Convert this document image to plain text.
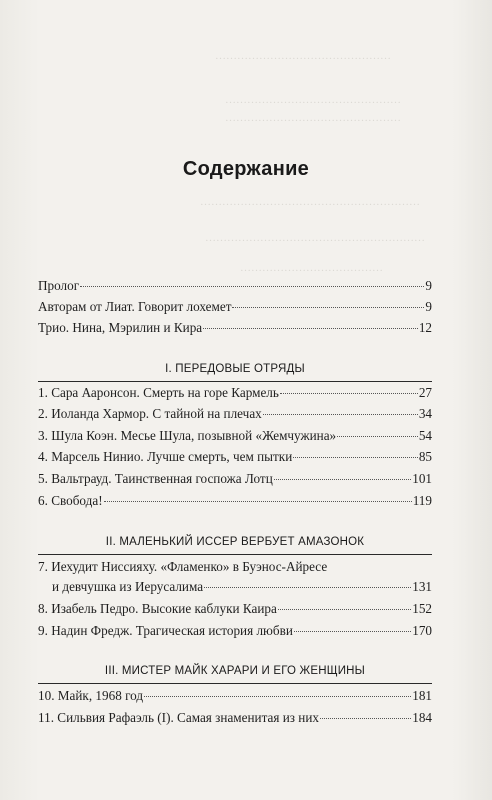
…………………………………………
…………………………………………
…………………………………………
……………………………………………………
……………………………………………………
…………………………………
Содержание
Пролог	9
Авторам от Лиат. Говорит лохемет	9
Трио. Нина, Мэрилин и Кира	12
I. ПЕРЕДОВЫЕ ОТРЯДЫ
1. Сара Ааронсон. Смерть на горе Кармель	27
2. Иоланда Хармор. С тайной на плечах	34
3. Шула Коэн. Месье Шула, позывной «Жемчужина»	54
4. Марсель Нинио. Лучше смерть, чем пытки	85
5. Вальтрауд. Таинственная госпожа Лотц	101
6. Свобода!	119
II. МАЛЕНЬКИЙ ИССЕР ВЕРБУЕТ АМАЗОНОК
7. Иехудит Ниссияху. «Фламенко» в Буэнос-Айресе
и девчушка из Иерусалима	131
8. Изабель Педро. Высокие каблуки Каира	152
9. Надин Фредж. Трагическая история любви	170
III. МИСТЕР МАЙК ХАРАРИ И ЕГО ЖЕНЩИНЫ
10. Майк, 1968 год	181
11. Сильвия Рафаэль (I). Самая знаменитая из них	184
